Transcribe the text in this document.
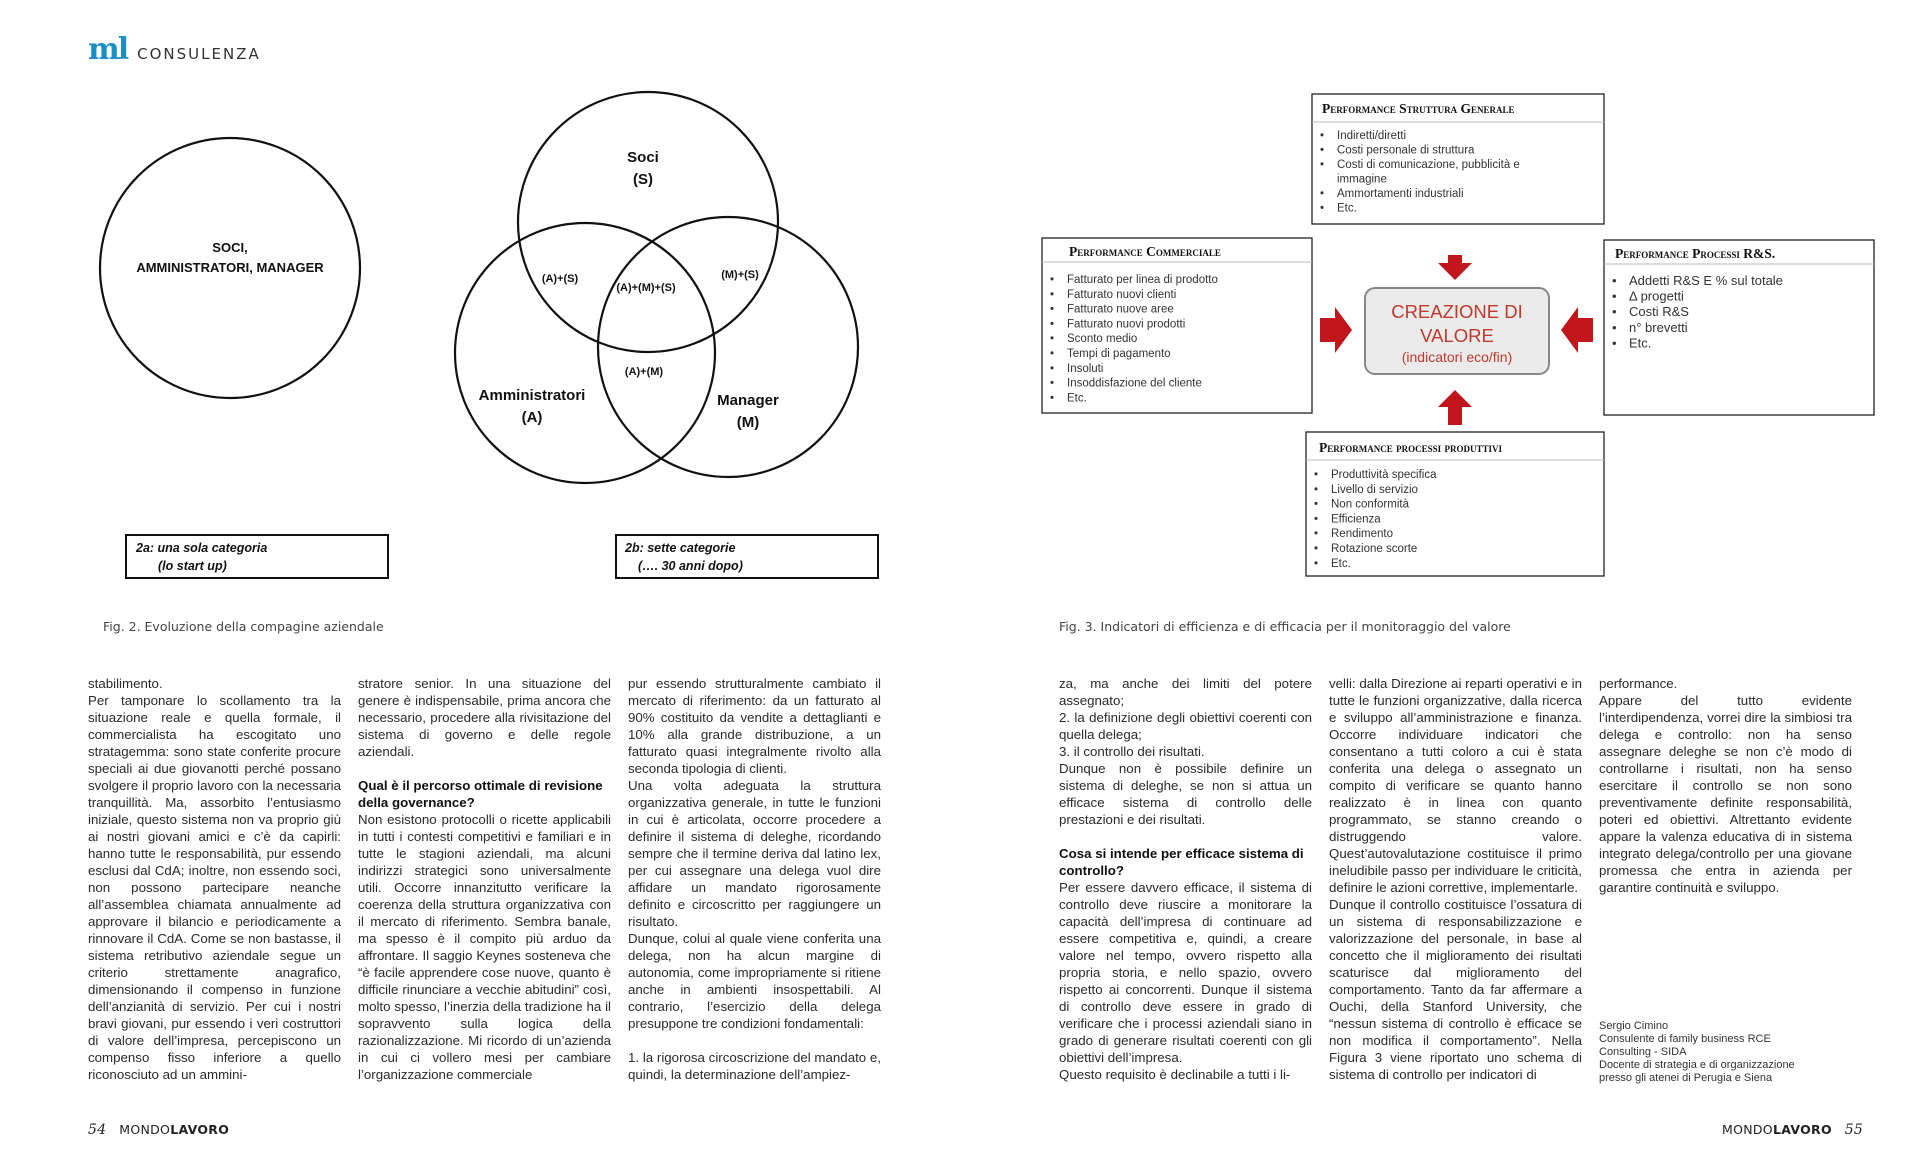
ml CONSULENZA
SOCI,
AMMINISTRATORI, MANAGER
Soci
(S)
Amministratori
(A)
Manager
(M)
(A)+(S)
(A)+(M)+(S)
(M)+(S)
(A)+(M)
2a: una sola categoria
(lo start up)
2b: sette categorie
(…. 30 anni dopo)
Fig. 2. Evoluzione della compagine aziendale
Performance Struttura Generale
Performance Commerciale	Performance Processi R&S.
Performance processi produttivi
• Indiretti/diretti
• Costi personale di struttura
• Costi di comunicazione, pubblicità e
immagine
• Ammortamenti industriali
• Etc.
• Fatturato per linea di prodotto
• Fatturato nuovi clienti
• Fatturato nuove aree
• Fatturato nuovi prodotti
• Sconto medio
• Tempi di pagamento
• Insoluti
• Insoddisfazione del cliente
• Etc.
• Addetti R&S E % sul totale
• Δ progetti
• Costi R&S
• n° brevetti
• Etc.
• Produttività specifica
• Livello di servizio
• Non conformità
• Efficienza
• Rendimento
• Rotazione scorte
• Etc.
CREAZIONE DI
VALORE
(indicatori eco/fin)
Fig. 3. Indicatori di efficienza e di efficacia per il monitoraggio del valore

stabilimento.

Per tamponare lo scollamento tra la situazione reale e quella formale, il commercialista ha escogitato uno stratagemma: sono state conferite procure speciali ai due giovanotti perché possano svolgere il proprio lavoro con la necessaria tranquillità. Ma, assorbito l’entusiasmo iniziale, questo sistema non va proprio giù ai nostri giovani amici e c’è da capirli: hanno tutte le responsabilità, pur essendo esclusi dal CdA; inoltre, non essendo soci, non possono partecipare neanche all’assemblea chiamata annualmente ad approvare il bilancio e periodicamente a rinnovare il CdA. Come se non bastasse, il sistema retributivo aziendale segue un criterio strettamente anagrafico, dimensionando il compenso in funzione dell’anzianità di servizio. Per cui i nostri bravi giovani, pur essendo i veri costruttori di valore dell’impresa, percepiscono un compenso fisso inferiore a quello riconosciuto ad un ammini-

stratore senior. In una situazione del genere è indispensabile, prima ancora che necessario, procedere alla rivisitazione del sistema di governo e delle regole aziendali.

Qual è il percorso ottimale di revisione della governance?

Non esistono protocolli o ricette applicabili in tutti i contesti competitivi e familiari e in tutte le stagioni aziendali, ma alcuni indirizzi strategici sono universalmente utili. Occorre innanzitutto verificare la coerenza della struttura organizzativa con il mercato di riferimento. Sembra banale, ma spesso è il compito più arduo da affrontare. Il saggio Keynes sosteneva che “è facile apprendere cose nuove, quanto è difficile rinunciare a vecchie abitudini” così, molto spesso, l’inerzia della tradizione ha il sopravvento sulla logica della razionalizzazione. Mi ricordo di un’azienda in cui ci vollero mesi per cambiare l’organizzazione commerciale

pur essendo strutturalmente cambiato il mercato di riferimento: da un fatturato al 90% costituito da vendite a dettaglianti e 10% alla grande distribuzione, a un fatturato quasi integralmente rivolto alla seconda tipologia di clienti.

Una volta adeguata la struttura organizzativa generale, in tutte le funzioni in cui è articolata, occorre procedere a definire il sistema di deleghe, ricordando sempre che il termine deriva dal latino lex, per cui assegnare una delega vuol dire affidare un mandato rigorosamente definito e circoscritto per raggiungere un risultato.

Dunque, colui al quale viene conferita una delega, non ha alcun margine di autonomia, come impropriamente si ritiene anche in ambienti insospettabili. Al contrario, l’esercizio della delega presuppone tre condizioni fondamentali:

1. la rigorosa circoscrizione del mandato e, quindi, la determinazione dell’ampiez-

za, ma anche dei limiti del potere assegnato;

2. la definizione degli obiettivi coerenti con quella delega;

3. il controllo dei risultati.

Dunque non è possibile definire un sistema di deleghe, se non si attua un efficace sistema di controllo delle prestazioni e dei risultati.

Cosa si intende per efficace sistema di controllo?

Per essere davvero efficace, il sistema di controllo deve riuscire a monitorare la capacità dell’impresa di continuare ad essere competitiva e, quindi, a creare valore nel tempo, ovvero rispetto alla propria storia, e nello spazio, ovvero rispetto ai concorrenti. Dunque il sistema di controllo deve essere in grado di verificare che i processi aziendali siano in grado di generare risultati coerenti con gli obiettivi dell’impresa.

Questo requisito è declinabile a tutti i li-

velli: dalla Direzione ai reparti operativi e in tutte le funzioni organizzative, dalla ricerca e sviluppo all’amministrazione e finanza. Occorre individuare indicatori che consentano a tutti coloro a cui è stata conferita una delega o assegnato un compito di verificare se quanto hanno realizzato è in linea con quanto programmato, se stanno creando o distruggendo valore. Quest’autovalutazione costituisce il primo ineludibile passo per individuare le criticità, definire le azioni correttive, implementarle.

Dunque il controllo costituisce l’ossatura di un sistema di responsabilizzazione e valorizzazione del personale, in base al concetto che il miglioramento dei risultati scaturisce dal miglioramento del comportamento. Tanto da far affermare a Ouchi, della Stanford University, che “nessun sistema di controllo è efficace se non modifica il comportamento”. Nella Figura 3 viene riportato uno schema di sistema di controllo per indicatori di

performance.

Appare del tutto evidente l’interdipendenza, vorrei dire la simbiosi tra delega e controllo: non ha senso assegnare deleghe se non c’è modo di controllarne i risultati, non ha senso esercitare il controllo se non sono preventivamente definite responsabilità, poteri ed obiettivi. Altrettanto evidente appare la valenza educativa di in sistema integrato delega/controllo per una giovane promessa che entra in azienda per garantire continuità e sviluppo.

Sergio Cimino
Consulente di family business RCE
Consulting - SIDA
Docente di strategia e di organizzazione
presso gli atenei di Perugia e Siena
54 MONDOLAVORO	MONDOLAVORO 55
